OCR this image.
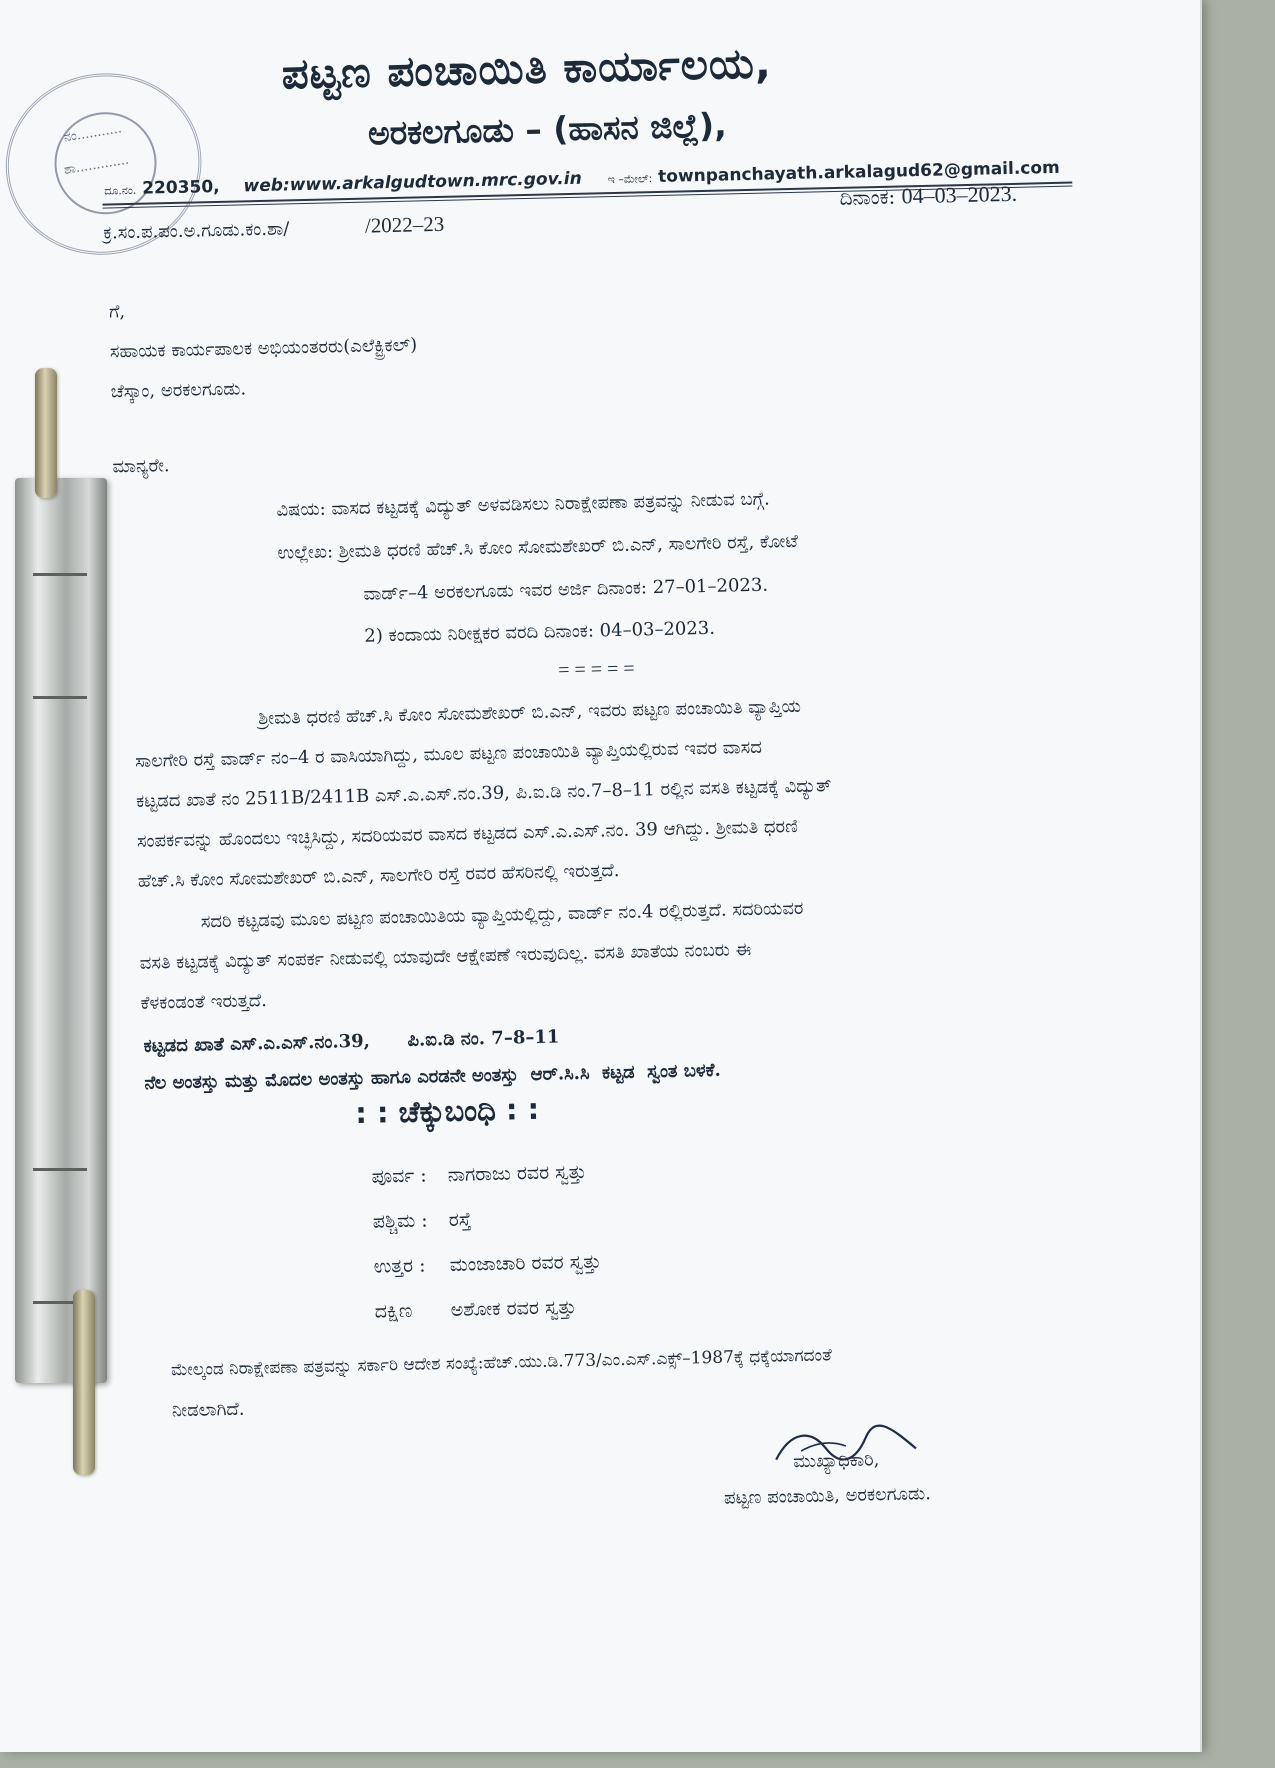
ನಂ...........
ಶಾ.............
ಪಟ್ಟಣ ಪಂಚಾಯಿತಿ ಕಾರ್ಯಾಲಯ,
ಅರಕಲಗೂಡು – (ಹಾಸನ ಜಿಲ್ಲೆ),
ದೂ.ನಂ. 220350, web:www.arkalgudtown.mrc.gov.in ಇ –ಮೇಲ್: townpanchayath.arkalagud62@gmail.com
ಕ್ರ.ಸಂ.ಪ.ಪಂ.ಅ.ಗೂಡು.ಕಂ.ಶಾ/	/2022–23
ದಿನಾಂಕ: 04–03–2023.
ಗೆ,
ಸಹಾಯಕ ಕಾರ್ಯಪಾಲಕ ಅಭಿಯಂತರರು(ಎಲೆಕ್ಟ್ರಿಕಲ್)
ಚೆಸ್ಕಾಂ, ಅರಕಲಗೂಡು.
ಮಾನ್ಯರೇ.
ವಿಷಯ: ವಾಸದ ಕಟ್ಟಡಕ್ಕೆ ವಿದ್ಯುತ್ ಅಳವಡಿಸಲು ನಿರಾಕ್ಷೇಪಣಾ ಪತ್ರವನ್ನು ನೀಡುವ ಬಗ್ಗೆ.
ಉಲ್ಲೇಖ: ಶ್ರೀಮತಿ ಧರಣಿ ಹೆಚ್.ಸಿ ಕೋಂ ಸೋಮಶೇಖರ್ ಬಿ.ಎನ್, ಸಾಲಗೇರಿ ರಸ್ತೆ, ಕೋಟೆ
ವಾರ್ಡ್–4 ಅರಕಲಗೂಡು ಇವರ ಅರ್ಜಿ ದಿನಾಂಕ: 27–01–2023.
2) ಕಂದಾಯ ನಿರೀಕ್ಷಕರ ವರದಿ ದಿನಾಂಕ: 04–03–2023.
= = = = =
ಶ್ರೀಮತಿ ಧರಣಿ ಹೆಚ್.ಸಿ ಕೋಂ ಸೋಮಶೇಖರ್ ಬಿ.ಎನ್, ಇವರು ಪಟ್ಟಣ ಪಂಚಾಯಿತಿ ವ್ಯಾಪ್ತಿಯ
ಸಾಲಗೇರಿ ರಸ್ತೆ ವಾರ್ಡ್ ನಂ–4 ರ ವಾಸಿಯಾಗಿದ್ದು, ಮೂಲ ಪಟ್ಟಣ ಪಂಚಾಯಿತಿ ವ್ಯಾಪ್ತಿಯಲ್ಲಿರುವ ಇವರ ವಾಸದ
ಕಟ್ಟಡದ ಖಾತೆ ನಂ 2511B/2411B ಎಸ್.ಎ.ಎಸ್.ನಂ.39, ಪಿ.ಐ.ಡಿ ನಂ.7–8–11 ರಲ್ಲಿನ ವಸತಿ ಕಟ್ಟಡಕ್ಕೆ ವಿದ್ಯುತ್
ಸಂಪರ್ಕವನ್ನು ಹೊಂದಲು ಇಚ್ಛಿಸಿದ್ದು, ಸದರಿಯವರ ವಾಸದ ಕಟ್ಟಡದ ಎಸ್.ಎ.ಎಸ್.ನಂ. 39 ಆಗಿದ್ದು. ಶ್ರೀಮತಿ ಧರಣಿ
ಹೆಚ್.ಸಿ ಕೋಂ ಸೋಮಶೇಖರ್ ಬಿ.ಎನ್, ಸಾಲಗೇರಿ ರಸ್ತೆ ರವರ ಹೆಸರಿನಲ್ಲಿ ಇರುತ್ತದೆ.
ಸದರಿ ಕಟ್ಟಡವು ಮೂಲ ಪಟ್ಟಣ ಪಂಚಾಯಿತಿಯ ವ್ಯಾಪ್ತಿಯಲ್ಲಿದ್ದು, ವಾರ್ಡ್ ನಂ.4 ರಲ್ಲಿರುತ್ತದೆ. ಸದರಿಯವರ
ವಸತಿ ಕಟ್ಟಡಕ್ಕೆ ವಿದ್ಯುತ್ ಸಂಪರ್ಕ ನೀಡುವಲ್ಲಿ ಯಾವುದೇ ಆಕ್ಷೇಪಣೆ ಇರುವುದಿಲ್ಲ. ವಸತಿ ಖಾತೆಯ ನಂಬರು ಈ
ಕೆಳಕಂಡಂತೆ ಇರುತ್ತದೆ.
ಕಟ್ಟಡದ ಖಾತೆ ಎಸ್.ಎ.ಎಸ್.ನಂ.39,      ಪಿ.ಐ.ಡಿ ನಂ. 7–8–11
ನೆಲ ಅಂತಸ್ತು ಮತ್ತು ಮೊದಲ ಅಂತಸ್ತು ಹಾಗೂ ಎರಡನೇ ಅಂತಸ್ತು  ಆರ್.ಸಿ.ಸಿ  ಕಟ್ಟಡ  ಸ್ವಂತ ಬಳಕೆ.
: : ಚೆಕ್ಕುಬಂಧಿ : :
ಪೂರ್ವ : ನಾಗರಾಜು ರವರ ಸ್ವತ್ತು
ಪಶ್ಚಿಮ : ರಸ್ತೆ
ಉತ್ತರ : ಮಂಜಾಚಾರಿ ರವರ ಸ್ವತ್ತು
ದಕ್ಷಿಣ ಅಶೋಕ ರವರ ಸ್ವತ್ತು
ಮೇಲ್ಕಂಡ ನಿರಾಕ್ಷೇಪಣಾ ಪತ್ರವನ್ನು ಸರ್ಕಾರಿ ಆದೇಶ ಸಂಖ್ಯೆ:ಹೆಚ್.ಯು.ಡಿ.773/ಎಂ.ಎಸ್.ಎಕ್ಸ್–1987ಕ್ಕೆ ಧಕ್ಕೆಯಾಗದಂತೆ
ನೀಡಲಾಗಿದೆ.
ಮುಖ್ಯಾಧಿಕಾರಿ,
ಪಟ್ಟಣ ಪಂಚಾಯಿತಿ, ಅರಕಲಗೂಡು.
